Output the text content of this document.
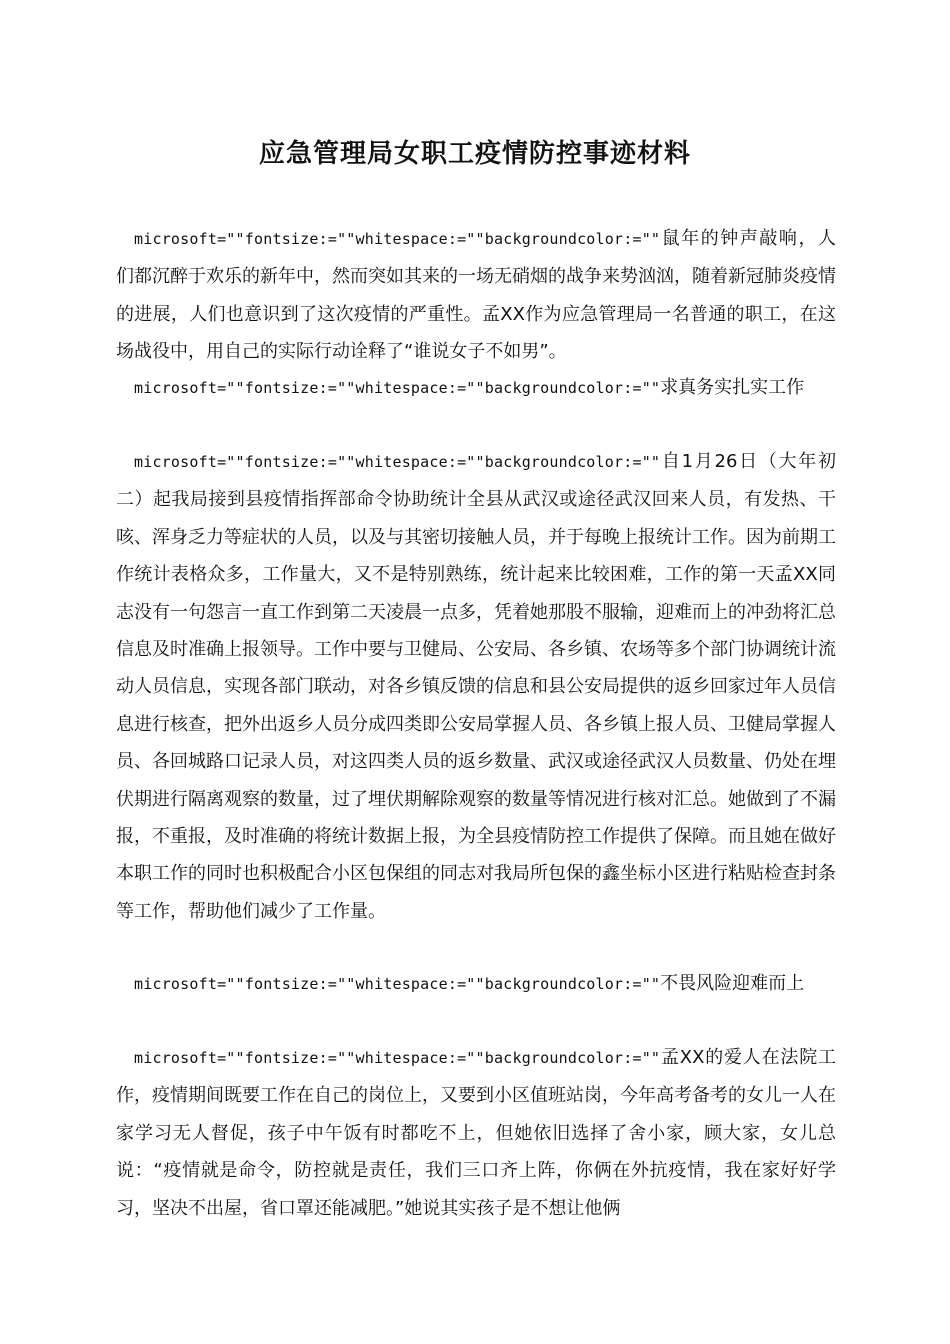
应急管理局女职工疫情防控事迹材料

microsoft=""fontsize:=""whitespace:=""backgroundcolor:=""鼠年的钟声敲响，人们都沉醉于欢乐的新年中，然而突如其来的一场无硝烟的战争来势汹汹，随着新冠肺炎疫情的进展，人们也意识到了这次疫情的严重性。孟XX作为应急管理局一名普通的职工，在这场战役中，用自己的实际行动诠释了“谁说女子不如男”。

microsoft=""fontsize:=""whitespace:=""backgroundcolor:=""求真务实扎实工作

microsoft=""fontsize:=""whitespace:=""backgroundcolor:=""自1月26日（大年初二）起我局接到县疫情指挥部命令协助统计全县从武汉或途径武汉回来人员，有发热、干咳、浑身乏力等症状的人员，以及与其密切接触人员，并于每晚上报统计工作。因为前期工作统计表格众多，工作量大，又不是特别熟练，统计起来比较困难，工作的第一天孟XX同志没有一句怨言一直工作到第二天凌晨一点多，凭着她那股不服输，迎难而上的冲劲将汇总信息及时准确上报领导。工作中要与卫健局、公安局、各乡镇、农场等多个部门协调统计流动人员信息，实现各部门联动，对各乡镇反馈的信息和县公安局提供的返乡回家过年人员信息进行核查，把外出返乡人员分成四类即公安局掌握人员、各乡镇上报人员、卫健局掌握人员、各回城路口记录人员，对这四类人员的返乡数量、武汉或途径武汉人员数量、仍处在埋伏期进行隔离观察的数量，过了埋伏期解除观察的数量等情况进行核对汇总。她做到了不漏报，不重报，及时准确的将统计数据上报，为全县疫情防控工作提供了保障。而且她在做好本职工作的同时也积极配合小区包保组的同志对我局所包保的鑫坐标小区进行粘贴检查封条等工作，帮助他们减少了工作量。

microsoft=""fontsize:=""whitespace:=""backgroundcolor:=""不畏风险迎难而上

microsoft=""fontsize:=""whitespace:=""backgroundcolor:=""孟XX的爱人在法院工作，疫情期间既要工作在自己的岗位上，又要到小区值班站岗，今年高考备考的女儿一人在家学习无人督促，孩子中午饭有时都吃不上，但她依旧选择了舍小家，顾大家，女儿总说：“疫情就是命令，防控就是责任，我们三口齐上阵，你俩在外抗疫情，我在家好好学习，坚决不出屋，省口罩还能减肥。”她说其实孩子是不想让他俩
